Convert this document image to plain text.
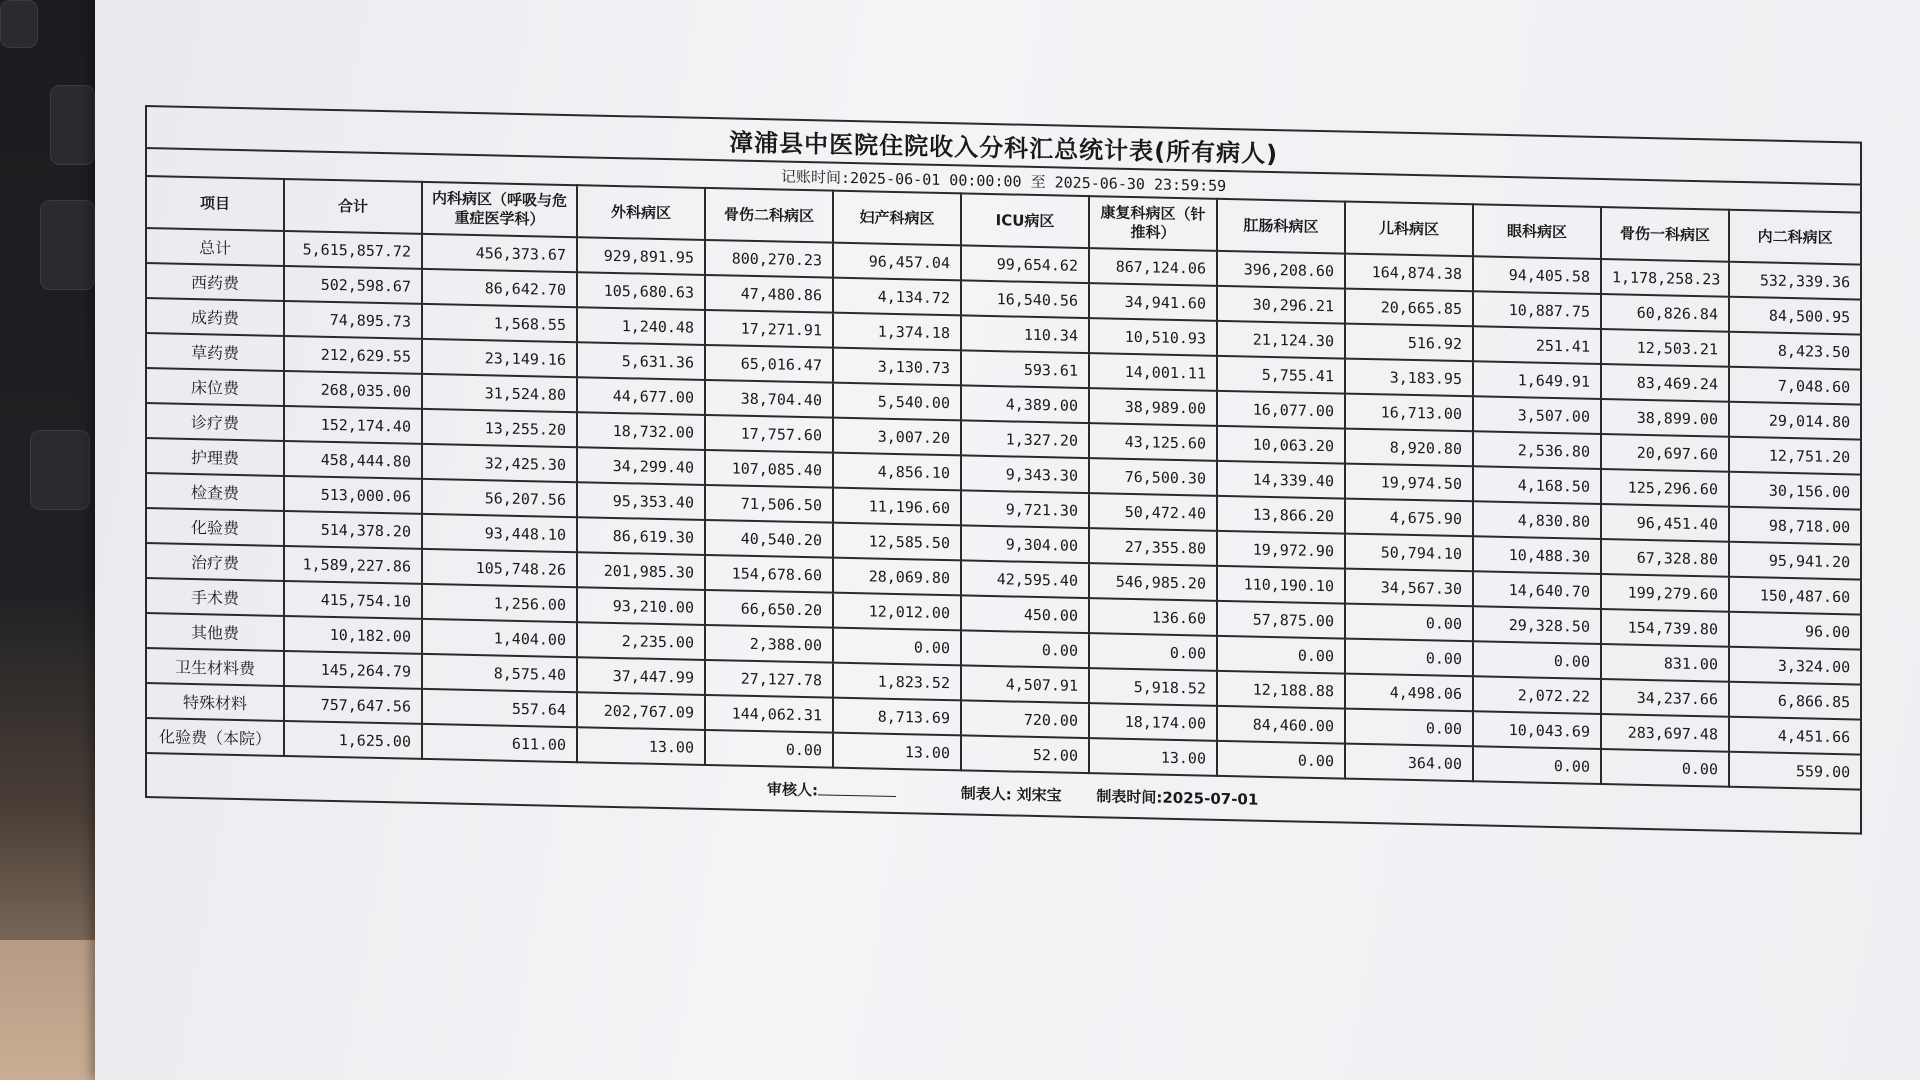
漳浦县中医院住院收入分科汇总统计表(所有病人)												
记账时间:2025-06-01 00:00:00 至 2025-06-30 23:59:59												
项目	合计	内科病区（呼吸与危重症医学科）	外科病区	骨伤二科病区	妇产科病区	ICU病区	康复科病区（针推科）	肛肠科病区	儿科病区	眼科病区	骨伤一科病区	内二科病区
总计	5,615,857.72	456,373.67	929,891.95	800,270.23	96,457.04	99,654.62	867,124.06	396,208.60	164,874.38	94,405.58	1,178,258.23	532,339.36
西药费	502,598.67	86,642.70	105,680.63	47,480.86	4,134.72	16,540.56	34,941.60	30,296.21	20,665.85	10,887.75	60,826.84	84,500.95
成药费	74,895.73	1,568.55	1,240.48	17,271.91	1,374.18	110.34	10,510.93	21,124.30	516.92	251.41	12,503.21	8,423.50
草药费	212,629.55	23,149.16	5,631.36	65,016.47	3,130.73	593.61	14,001.11	5,755.41	3,183.95	1,649.91	83,469.24	7,048.60
床位费	268,035.00	31,524.80	44,677.00	38,704.40	5,540.00	4,389.00	38,989.00	16,077.00	16,713.00	3,507.00	38,899.00	29,014.80
诊疗费	152,174.40	13,255.20	18,732.00	17,757.60	3,007.20	1,327.20	43,125.60	10,063.20	8,920.80	2,536.80	20,697.60	12,751.20
护理费	458,444.80	32,425.30	34,299.40	107,085.40	4,856.10	9,343.30	76,500.30	14,339.40	19,974.50	4,168.50	125,296.60	30,156.00
检查费	513,000.06	56,207.56	95,353.40	71,506.50	11,196.60	9,721.30	50,472.40	13,866.20	4,675.90	4,830.80	96,451.40	98,718.00
化验费	514,378.20	93,448.10	86,619.30	40,540.20	12,585.50	9,304.00	27,355.80	19,972.90	50,794.10	10,488.30	67,328.80	95,941.20
治疗费	1,589,227.86	105,748.26	201,985.30	154,678.60	28,069.80	42,595.40	546,985.20	110,190.10	34,567.30	14,640.70	199,279.60	150,487.60
手术费	415,754.10	1,256.00	93,210.00	66,650.20	12,012.00	450.00	136.60	57,875.00	0.00	29,328.50	154,739.80	96.00
其他费	10,182.00	1,404.00	2,235.00	2,388.00	0.00	0.00	0.00	0.00	0.00	0.00	831.00	3,324.00
卫生材料费	145,264.79	8,575.40	37,447.99	27,127.78	1,823.52	4,507.91	5,918.52	12,188.88	4,498.06	2,072.22	34,237.66	6,866.85
特殊材料	757,647.56	557.64	202,767.09	144,062.31	8,713.69	720.00	18,174.00	84,460.00	0.00	10,043.69	283,697.48	4,451.66
化验费（本院）	1,625.00	611.00	13.00	0.00	13.00	52.00	13.00	0.00	364.00	0.00	0.00	559.00
审核人: 制表人: 刘宋宝 制表时间:2025-07-01												
